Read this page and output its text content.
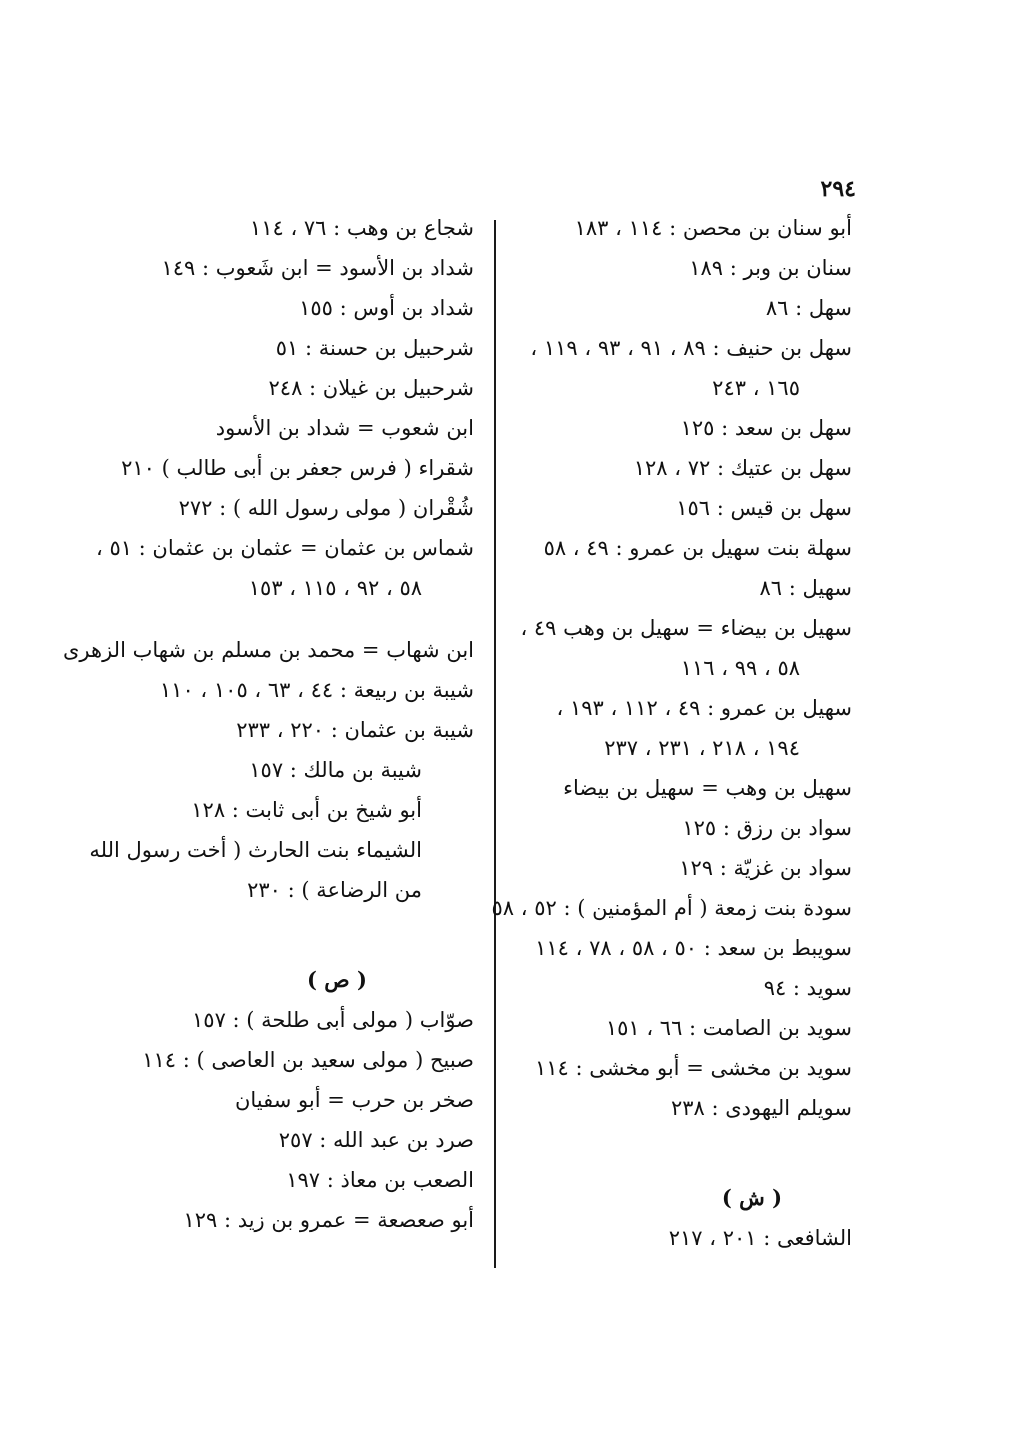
٢٩٤

أبو سنان بن محصن : ١١٤ ، ١٨٣

سنان بن وبر : ١٨٩

سهل : ٨٦

سهل بن حنيف : ٨٩ ، ٩١ ، ٩٣ ، ١١٩ ،

١٦٥ ، ٢٤٣

سهل بن سعد : ١٢٥

سهل بن عتيك : ٧٢ ، ١٢٨

سهل بن قيس : ١٥٦

سهلة بنت سهيل بن عمرو : ٤٩ ، ٥٨

سهيل : ٨٦

سهيل بن بيضاء = سهيل بن وهب ٤٩ ،

٥٨ ، ٩٩ ، ١١٦

سهيل بن عمرو : ٤٩ ، ١١٢ ، ١٩٣ ،

١٩٤ ، ٢١٨ ، ٢٣١ ، ٢٣٧

سهيل بن وهب = سهيل بن بيضاء

سواد بن رزق : ١٢٥

سواد بن غزيّة : ١٢٩

سودة بنت زمعة ( أم المؤمنين ) : ٥٢ ، ٥٨

سويبط بن سعد : ٥٠ ، ٥٨ ، ٧٨ ، ١١٤

سويد : ٩٤

سويد بن الصامت : ٦٦ ، ١٥١

سويد بن مخشى = أبو مخشى : ١١٤

سويلم اليهودى : ٢٣٨

( ش )

الشافعى : ٢٠١ ، ٢١٧

شجاع بن وهب : ٧٦ ، ١١٤

شداد بن الأسود = ابن شَعوب : ١٤٩

شداد بن أوس : ١٥٥

شرحبيل بن حسنة : ٥١

شرحبيل بن غيلان : ٢٤٨

ابن شعوب = شداد بن الأسود

شقراء ( فرس جعفر بن أبى طالب ) ٢١٠

شُقْران ( مولى رسول الله ) : ٢٧٢

شماس بن عثمان = عثمان بن عثمان : ٥١ ،

٥٨ ، ٩٢ ، ١١٥ ، ١٥٣

ابن شهاب = محمد بن مسلم بن شهاب الزهرى

شيبة بن ربيعة : ٤٤ ، ٦٣ ، ١٠٥ ، ١١٠

شيبة بن عثمان : ٢٢٠ ، ٢٣٣

شيبة بن مالك : ١٥٧

أبو شيخ بن أبى ثابت : ١٢٨

الشيماء بنت الحارث ( أخت رسول الله

من الرضاعة ) : ٢٣٠

( ص )

صوّاب ( مولى أبى طلحة ) : ١٥٧

صبيح ( مولى سعيد بن العاصى ) : ١١٤

صخر بن حرب = أبو سفيان

صرد بن عبد الله : ٢٥٧

الصعب بن معاذ : ١٩٧

أبو صعصعة = عمرو بن زيد : ١٢٩
